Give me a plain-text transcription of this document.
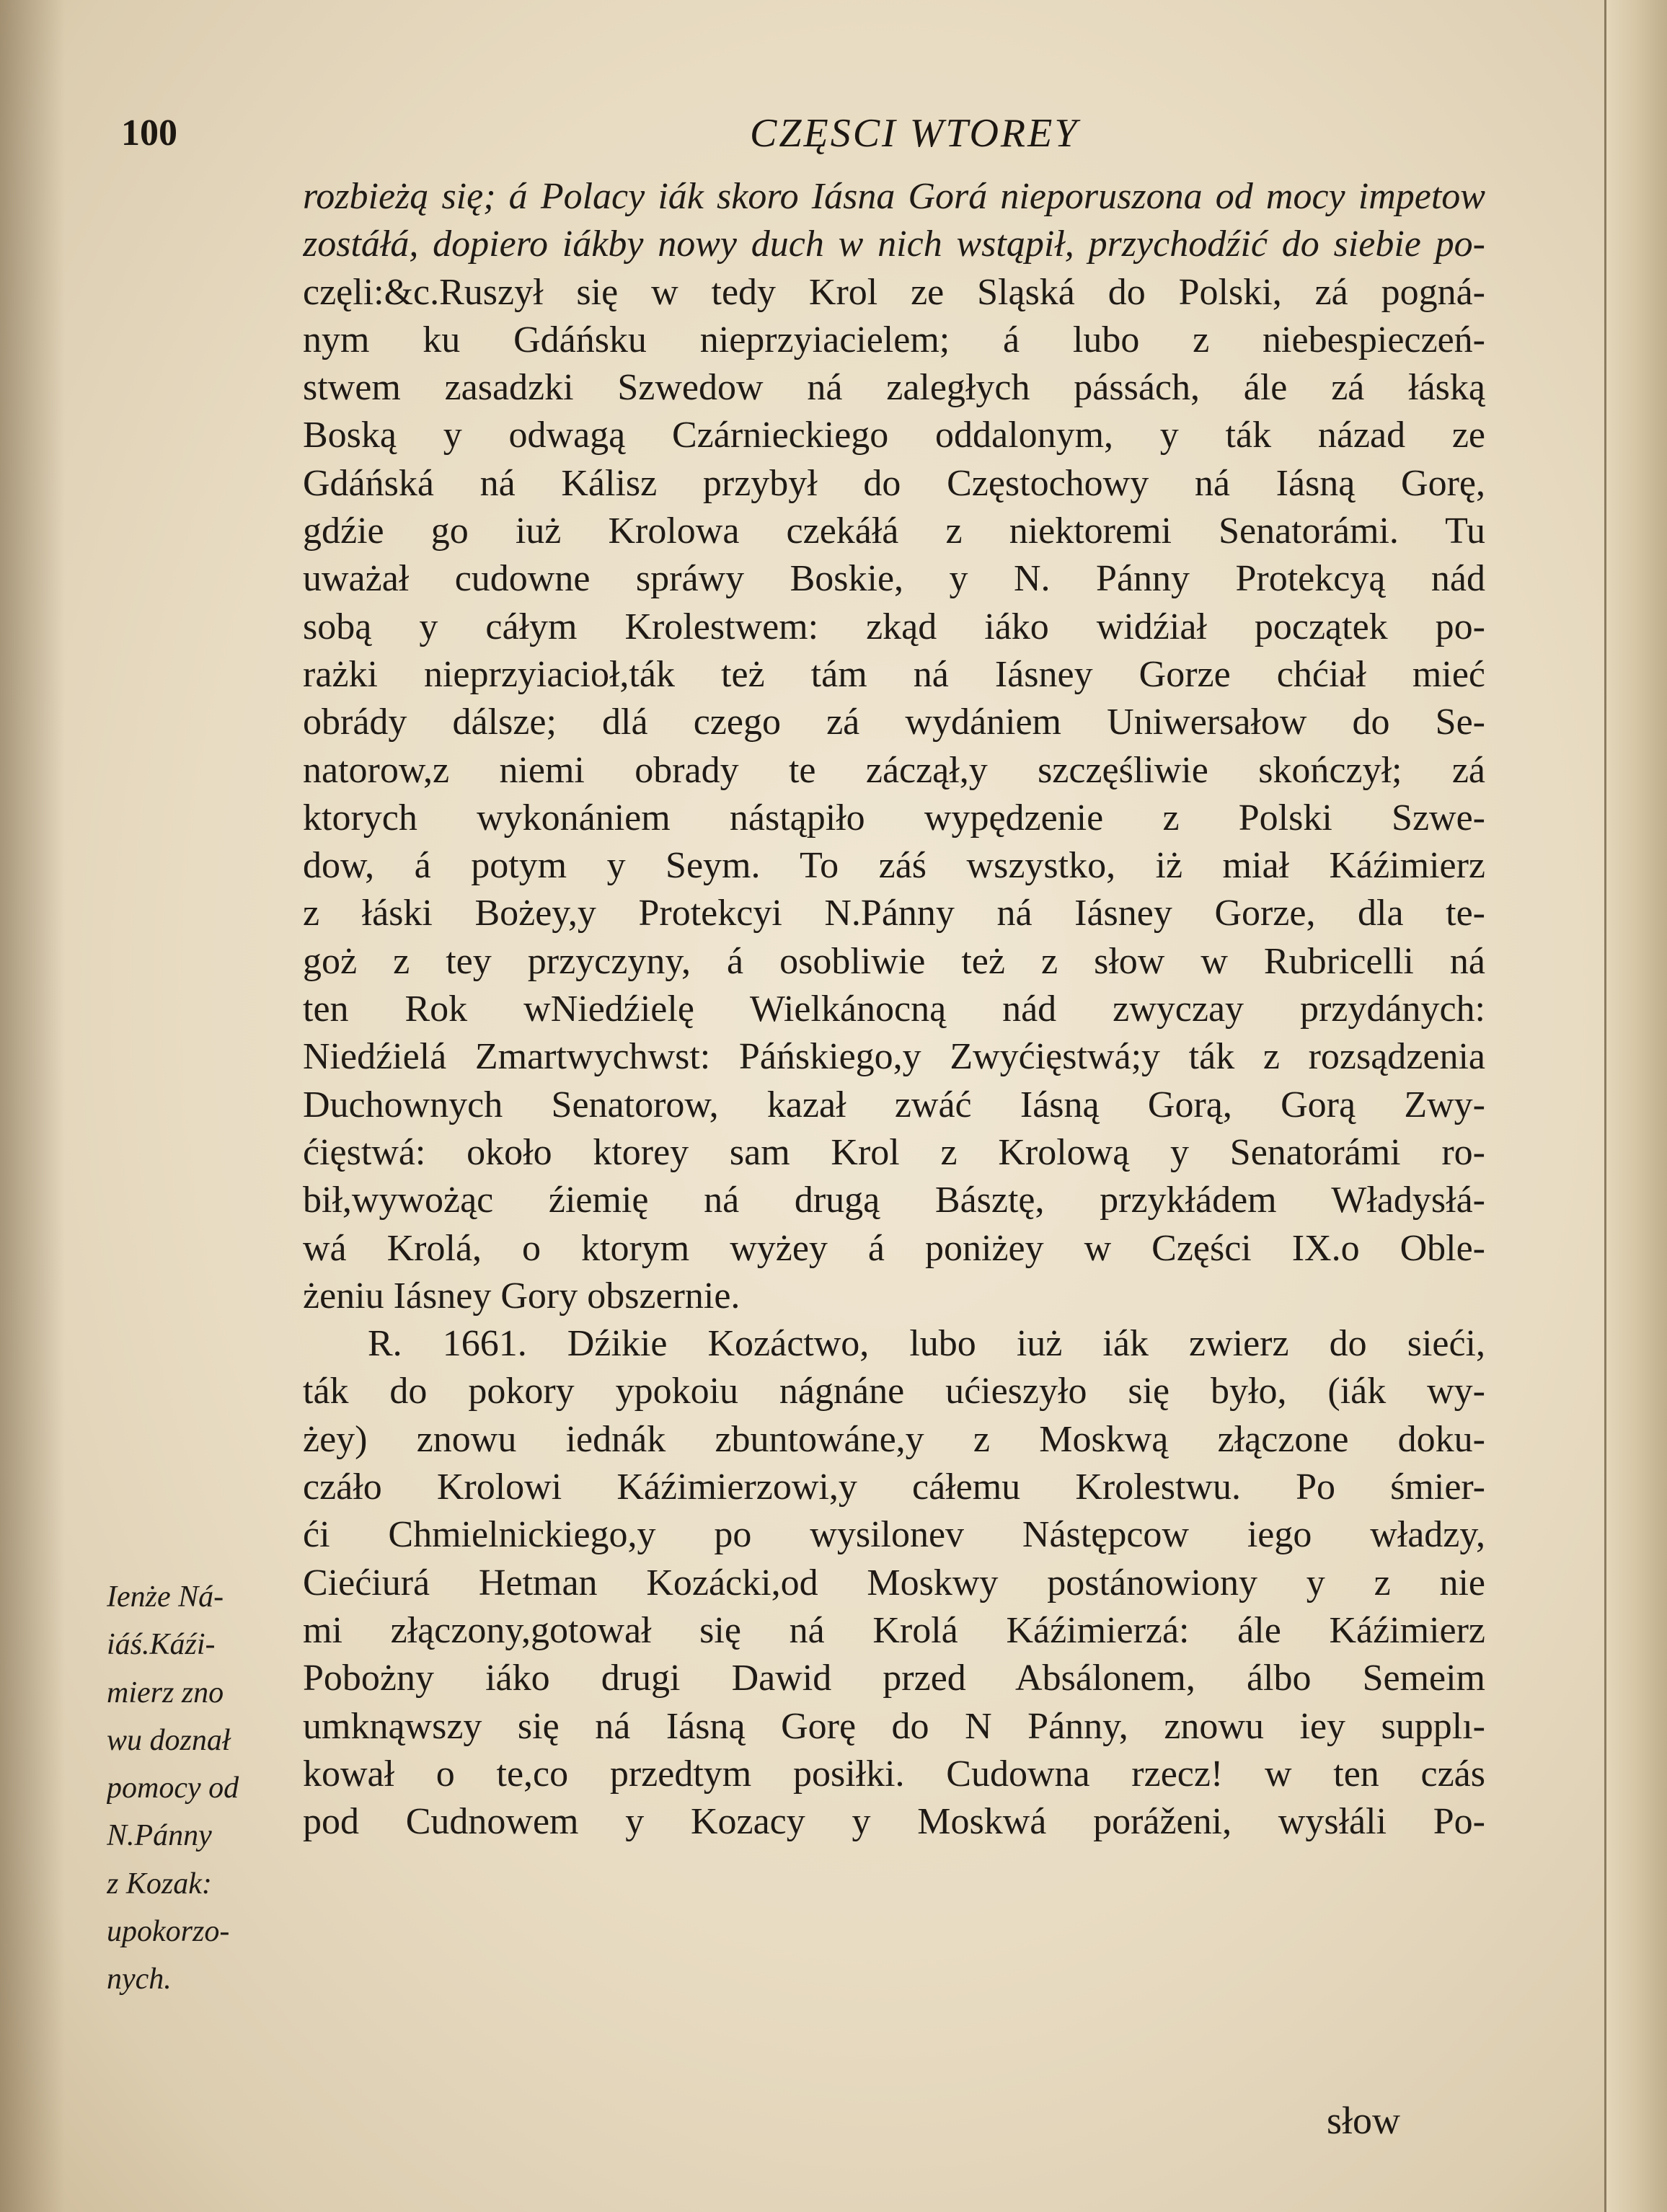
100	CZĘSCI WTOREY
rozbieżą się; á Polacy iák skoro Iásna Gorá nieporuszona od mocy impetow
zostáłá, dopiero iákby nowy duch w nich wstąpił, przychodźić do siebie po-
częli:&c.Ruszył się w tedy Krol ze Sląská do Polski, zá pogná-
nym ku Gdáńsku nieprzyiacielem; á lubo z niebespieczeń-
stwem zasadzki Szwedow ná zaległych pássách, ále zá łáską
Boską y odwagą Czárnieckiego oddalonym, y ták názad ze
Gdáńská ná Kálisz przybył do Częstochowy ná Iásną Gorę,
gdźie go iuż Krolowa czekáłá z niektoremi Senatorámi. Tu
uważał cudowne spráwy Boskie, y N. Pánny Protekcyą nád
sobą y cáłym Krolestwem: zkąd iáko widźiał początek po-
rażki nieprzyiacioł,ták też tám ná Iásney Gorze chćiał mieć
obrády dálsze; dlá czego zá wydániem Uniwersałow do Se-
natorow,z niemi obrady te záczął,y szczęśliwie skończył; zá
ktorych wykonániem nástąpiło wypędzenie z Polski Szwe-
dow, á potym y Seym. To záś wszystko, iż miał Káźimierz
z łáski Bożey,y Protekcyi N.Pánny ná Iásney Gorze, dla te-
goż z tey przyczyny, á osobliwie też z słow w Rubricelli ná
ten Rok wNiedźielę Wielkánocną nád zwyczay przydánych:
Niedźielá Zmartwychwst: Páńskiego,y Zwyćięstwá;y ták z rozsądzenia
Duchownych Senatorow, kazał zwáć Iásną Gorą, Gorą Zwy-
ćięstwá: około ktorey sam Krol z Krolową y Senatorámi ro-
bił,wywożąc źiemię ná drugą Básztę, przykłádem Władysłá-
wá Krolá, o ktorym wyżey á poniżey w Części IX.o Oble-
żeniu Iásney Gory obszernie.
R. 1661. Dźikie Kozáctwo, lubo iuż iák zwierz do sieći,
ták do pokory ypokoiu nágnáne ućieszyło się było, (iák wy-
żey) znowu iednák zbuntowáne,y z Moskwą złączone doku-
czáło Krolowi Káźimierzowi,y cáłemu Krolestwu. Po śmier-
ći Chmielnickiego,y po wysilonev Nástępcow iego władzy,
Ciećiurá Hetman Kozácki,od Moskwy postánowiony y z nie
mi złączony,gotował się ná Krolá Káźimierzá: ále Káźimierz
Pobożny iáko drugi Dawid przed Absálonem, álbo Semeim
umknąwszy się ná Iásną Gorę do N Pánny, znowu iey supplı-
kował o te,co przedtym posiłki. Cudowna rzecz! w ten czás
pod Cudnowem y Kozacy y Moskwá poráženi, wysłáli Po-
Ienże Ná-
iáś.Káźi-
mierz zno
wu doznał
pomocy od
N.Pánny
z Kozak:
upokorzo-
nych.
słow
